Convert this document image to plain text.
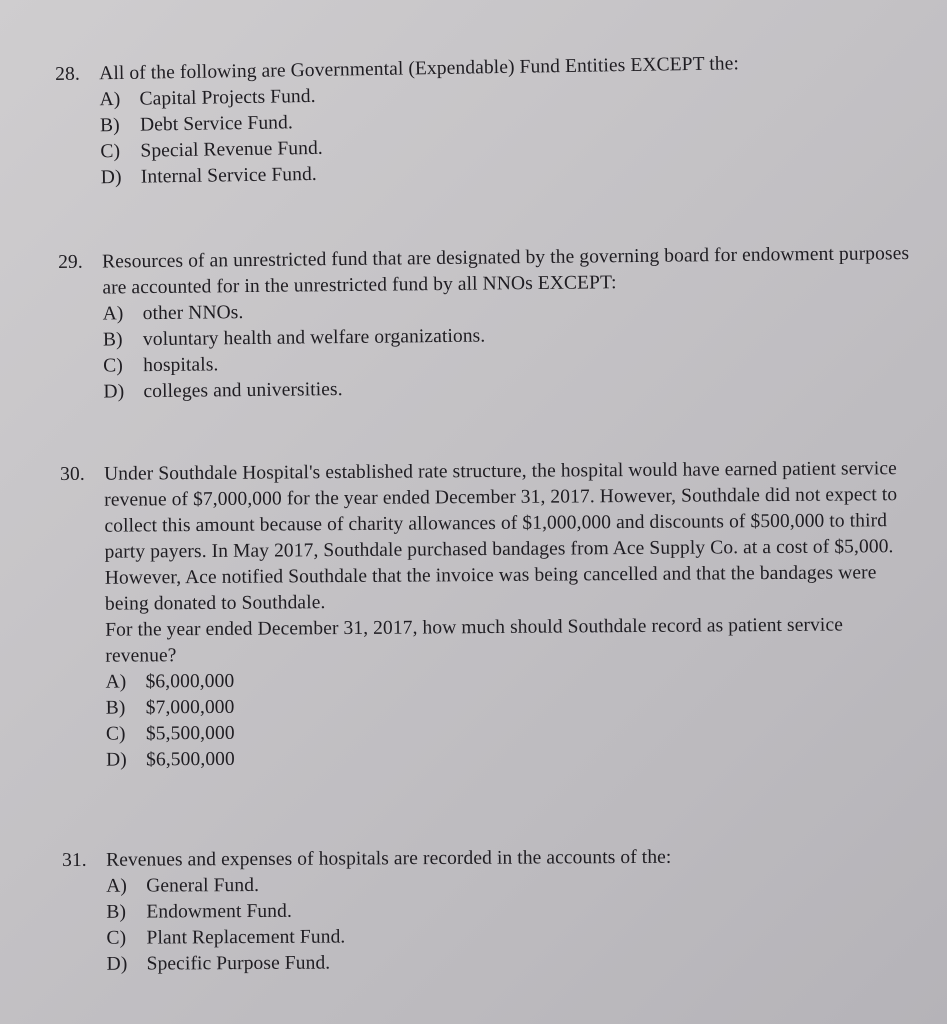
28. All of the following are Governmental (Expendable) Fund Entities EXCEPT the:

A) Capital Projects Fund.
B)	Debt Service Fund.
C)	Special Revenue Fund.
D) Internal Service Fund.
29. Resources of an unrestricted fund that are designated by the governing board for endowment purposes are accounted for in the unrestricted fund by all NNOs EXCEPT:

A) other NNOs.
B)	voluntary health and welfare organizations.
C)	hospitals.
D) colleges and universities.
30. Under Southdale Hospital's established rate structure, the hospital would have earned patient service revenue of $7,000,000 for the year ended December 31, 2017. However, Southdale did not expect to collect this amount because of charity allowances of $1,000,000 and discounts of $500,000 to third party payers. In May 2017, Southdale purchased bandages from Ace Supply Co. at a cost of $5,000. However, Ace notified Southdale that the invoice was being cancelled and that the bandages were being donated to Southdale.

For the year ended December 31, 2017, how much should Southdale record as patient service revenue?

A) $6,000,000
B)	$7,000,000
C)	$5,500,000
D) $6,500,000
31. Revenues and expenses of hospitals are recorded in the accounts of the:

A) General Fund.
B)	Endowment Fund.
C)	Plant Replacement Fund.
D) Specific Purpose Fund.
